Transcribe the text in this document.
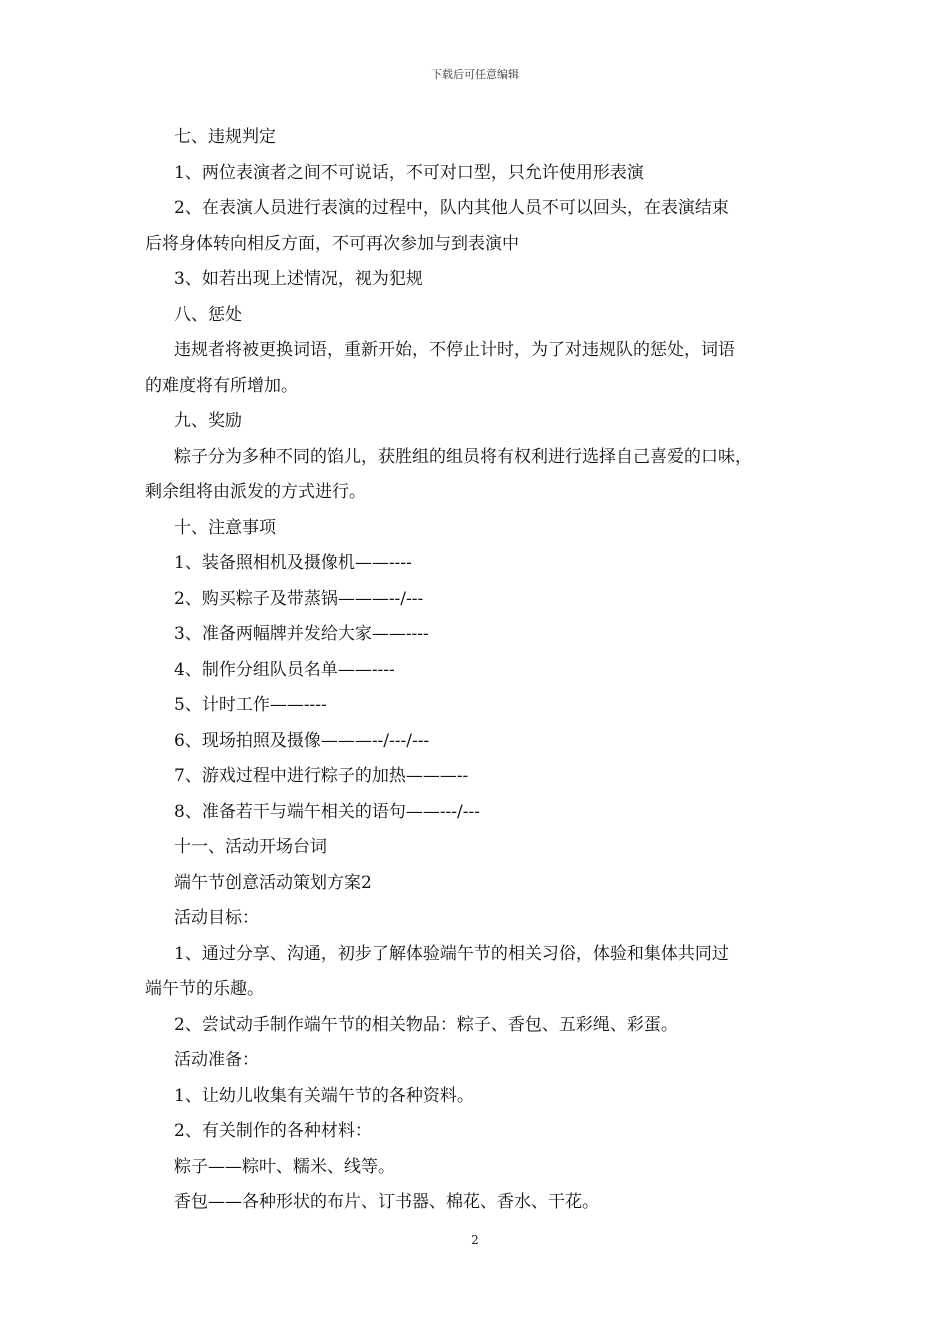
下载后可任意编辑
七、违规判定
1、两位表演者之间不可说话，不可对口型，只允许使用形表演
2、在表演人员进行表演的过程中，队内其他人员不可以回头，在表演结束
后将身体转向相反方面，不可再次参加与到表演中
3、如若出现上述情况，视为犯规
八、惩处
违规者将被更换词语，重新开始，不停止计时，为了对违规队的惩处，词语
的难度将有所增加。
九、奖励
粽子分为多种不同的馅儿，获胜组的组员将有权利进行选择自己喜爱的口味，
剩余组将由派发的方式进行。
十、注意事项
1、装备照相机及摄像机——----
2、购买粽子及带蒸锅———--/---
3、准备两幅牌并发给大家——----
4、制作分组队员名单——----
5、计时工作——----
6、现场拍照及摄像———--/---/---
7、游戏过程中进行粽子的加热———--
8、准备若干与端午相关的语句——---/---
十一、活动开场台词
端午节创意活动策划方案2
活动目标：
1、通过分享、沟通，初步了解体验端午节的相关习俗，体验和集体共同过
端午节的乐趣。
2、尝试动手制作端午节的相关物品：粽子、香包、五彩绳、彩蛋。
活动准备：
1、让幼儿收集有关端午节的各种资料。
2、有关制作的各种材料：
粽子——粽叶、糯米、线等。
香包——各种形状的布片、订书器、棉花、香水、干花。
2
